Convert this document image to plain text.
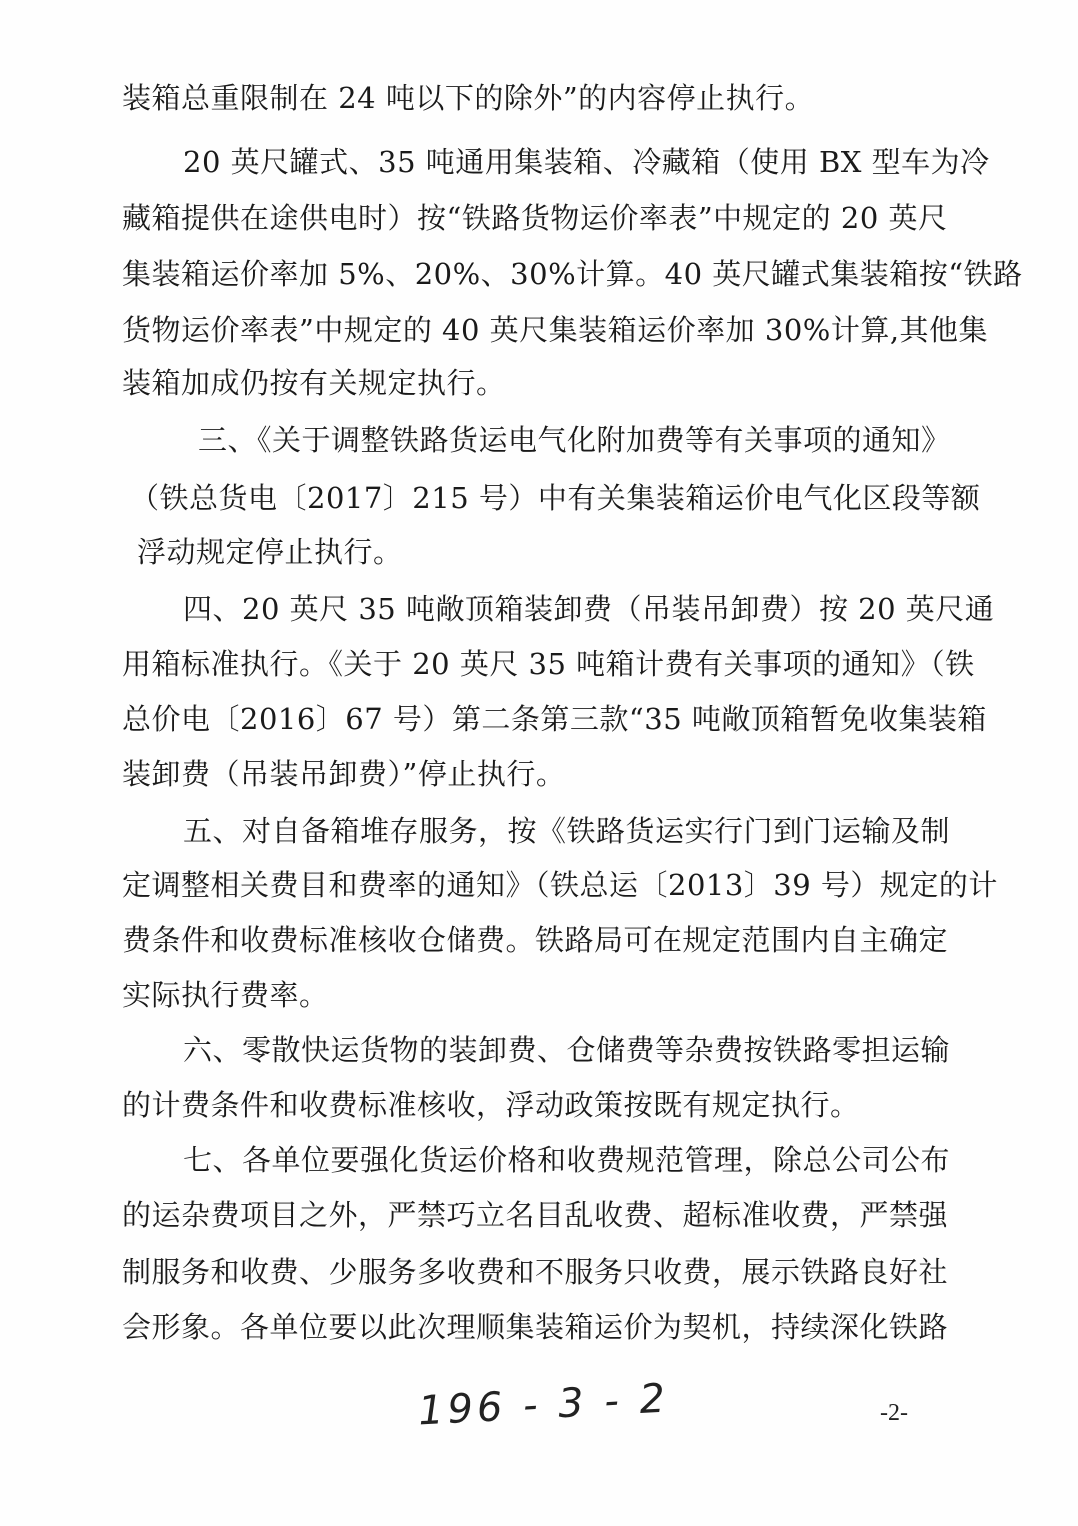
装箱总重限制在 24 吨以下的除外”的内容停止执行。
20 英尺罐式、35 吨通用集装箱、冷藏箱（使用 BX 型车为冷
藏箱提供在途供电时）按“铁路货物运价率表”中规定的 20 英尺
集装箱运价率加 5%、20%、30%计算。40 英尺罐式集装箱按“铁路
货物运价率表”中规定的 40 英尺集装箱运价率加 30%计算,其他集
装箱加成仍按有关规定执行。
三、《关于调整铁路货运电气化附加费等有关事项的通知》
（铁总货电〔2017〕215 号）中有关集装箱运价电气化区段等额
浮动规定停止执行。
四、20 英尺 35 吨敞顶箱装卸费（吊装吊卸费）按 20 英尺通
用箱标准执行。《关于 20 英尺 35 吨箱计费有关事项的通知》（铁
总价电〔2016〕67 号）第二条第三款“35 吨敞顶箱暂免收集装箱
装卸费（吊装吊卸费）”停止执行。
五、对自备箱堆存服务，按《铁路货运实行门到门运输及制
定调整相关费目和费率的通知》（铁总运〔2013〕39 号）规定的计
费条件和收费标准核收仓储费。铁路局可在规定范围内自主确定
实际执行费率。
六、零散快运货物的装卸费、仓储费等杂费按铁路零担运输
的计费条件和收费标准核收，浮动政策按既有规定执行。
七、各单位要强化货运价格和收费规范管理，除总公司公布
的运杂费项目之外，严禁巧立名目乱收费、超标准收费，严禁强
制服务和收费、少服务多收费和不服务只收费，展示铁路良好社
会形象。各单位要以此次理顺集装箱运价为契机，持续深化铁路
196 - 3 - 2	-2-
